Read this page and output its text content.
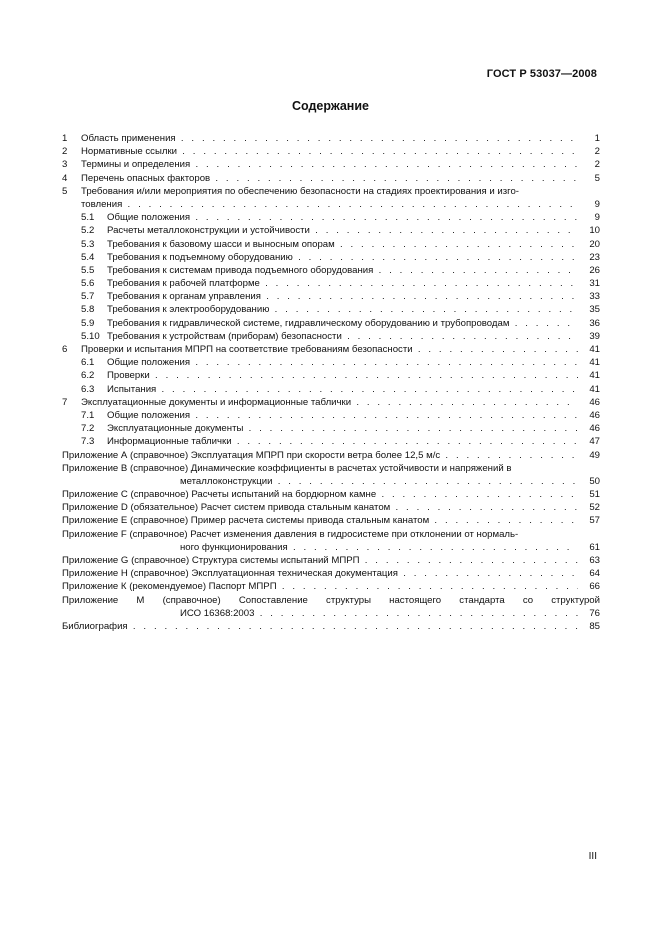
ГОСТ Р 53037—2008
Содержание
1 Область применения . . .	1
2 Нормативные ссылки . . .	2
3 Термины и определения . . .	2
4 Перечень опасных факторов . . .	5
5 Требования и/или мероприятия по обеспечению безопасности на стадиях проектирования и изго-
товления . . .	9
5.1 Общие положения . . .	9
5.2 Расчеты металлоконструкции и устойчивости . . .	10
5.3 Требования к базовому шасси и выносным опорам . . .	20
5.4 Требования к подъемному оборудованию . . .	23
5.5 Требования к системам привода подъемного оборудования . . .	26
5.6 Требования к рабочей платформе . . .	31
5.7 Требования к органам управления . . .	33
5.8 Требования к электрооборудованию . . .	35
5.9 Требования к гидравлической системе, гидравлическому оборудованию и трубопроводам . . .	36
5.10 Требования к устройствам (приборам) безопасности . . .	39
6 Проверки и испытания МПРП на соответствие требованиям безопасности . . .	41
6.1 Общие положения . . .	41
6.2 Проверки . . .	41
6.3 Испытания . . .	41
7 Эксплуатационные документы и информационные таблички . . .	46
7.1 Общие положения . . .	46
7.2 Эксплуатационные документы . . .	46
7.3 Информационные таблички . . .	47
Приложение А (справочное) Эксплуатация МПРП при скорости ветра более 12,5 м/с . . .	49
Приложение В (справочное) Динамические коэффициенты в расчетах устойчивости и напряжений в
металлоконструкции . . .	50
Приложение С (справочное) Расчеты испытаний на бордюрном камне . . .	51
Приложение D (обязательное) Расчет систем привода стальным канатом . . .	52
Приложение Е (справочное) Пример расчета системы привода стальным канатом . . .	57
Приложение F (справочное) Расчет изменения давления в гидросистеме при отклонении от нормаль-
ного функционирования . . .	61
Приложение G (справочное) Структура системы испытаний МПРП . . .	63
Приложение Н (справочное) Эксплуатационная техническая документация . . .	64
Приложение К (рекомендуемое) Паспорт МПРП . . .	66
Приложение М (справочное) Сопоставление структуры настоящего стандарта со структурой
ИСО 16368:2003 . . .	76
Библиография . . .	85
III
